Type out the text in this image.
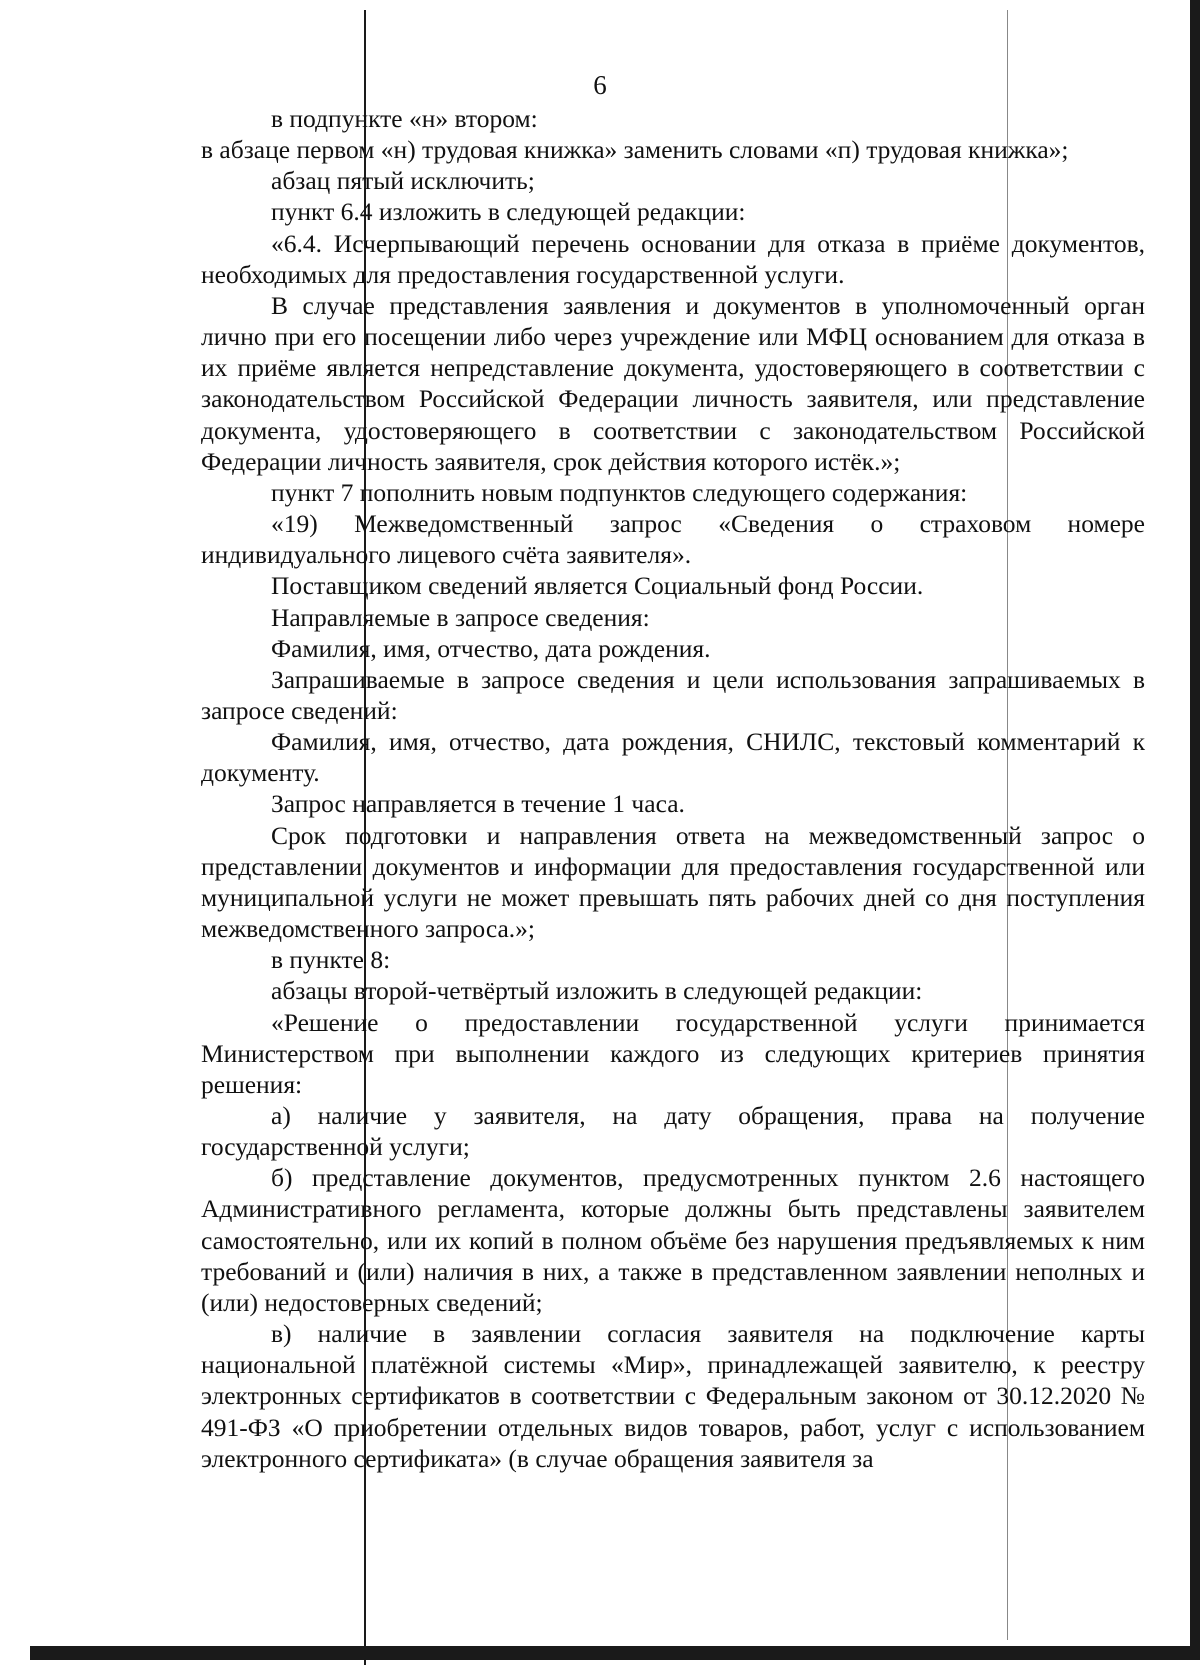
6

в подпункте «н» втором:

в абзаце первом «н) трудовая книжка» заменить словами «п) трудовая книжка»;

абзац пятый исключить;

пункт 6.4 изложить в следующей редакции:

«6.4. Исчерпывающий перечень основании для отказа в приёме документов, необходимых для предоставления государственной услуги.

В случае представления заявления и документов в уполномоченный орган лично при его посещении либо через учреждение или МФЦ основанием для отказа в их приёме является непредставление документа, удостоверяющего в соответствии с законодательством Российской Федерации личность заявителя, или представление документа, удостоверяющего в соответствии с законодательством Российской Федерации личность заявителя, срок действия которого истёк.»;

пункт 7 пополнить новым подпунктов следующего содержания:

«19) Межведомственный запрос «Сведения о страховом номере индивидуального лицевого счёта заявителя».

Поставщиком сведений является Социальный фонд России.

Направляемые в запросе сведения:

Фамилия, имя, отчество, дата рождения.

Запрашиваемые в запросе сведения и цели использования запрашиваемых в запросе сведений:

Фамилия, имя, отчество, дата рождения, СНИЛС, текстовый комментарий к документу.

Запрос направляется в течение 1 часа.

Срок подготовки и направления ответа на межведомственный запрос о представлении документов и информации для предоставления государственной или муниципальной услуги не может превышать пять рабочих дней со дня поступления межведомственного запроса.»;

в пункте 8:

абзацы второй-четвёртый изложить в следующей редакции:

«Решение о предоставлении государственной услуги принимается Министерством при выполнении каждого из следующих критериев принятия решения:

а) наличие у заявителя, на дату обращения, права на получение государственной услуги;

б) представление документов, предусмотренных пунктом 2.6 настоящего Административного регламента, которые должны быть представлены заявителем самостоятельно, или их копий в полном объёме без нарушения предъявляемых к ним требований и (или) наличия в них, а также в представленном заявлении неполных и (или) недостоверных сведений;

в) наличие в заявлении согласия заявителя на подключение карты национальной платёжной системы «Мир», принадлежащей заявителю, к реестру электронных сертификатов в соответствии с Федеральным законом от 30.12.2020 № 491-ФЗ «О приобретении отдельных видов товаров, работ, услуг с использованием электронного сертификата» (в случае обращения заявителя за
